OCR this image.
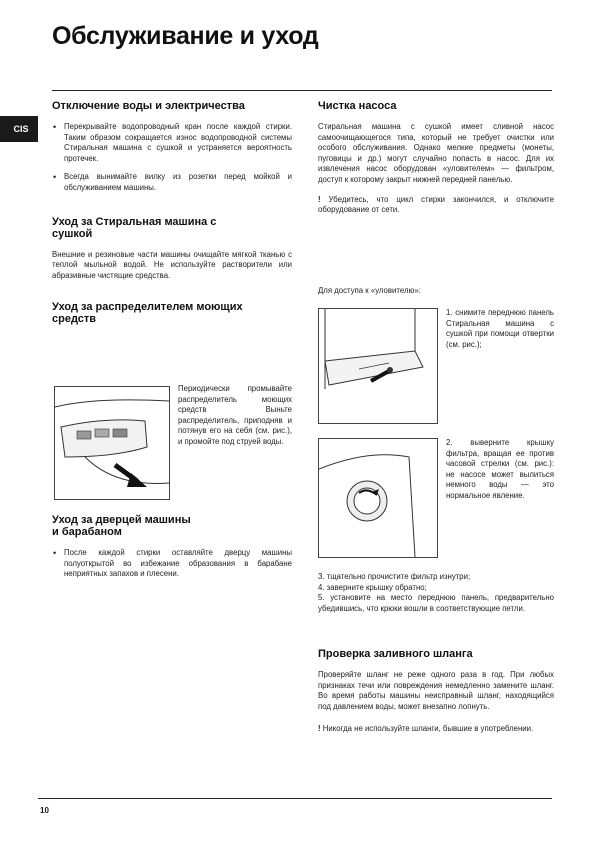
Обслуживание и уход
CIS
Отключение воды и электричества
• Перекрывайте водопроводный кран после каждой стирки. Таким образом сокращается износ водопроводной системы Стиральная машина с сушкой и устраняется вероятность протечек.
• Всегда вынимайте вилку из розетки перед мойкой и обслуживанием машины.
Уход за Стиральная машина с
сушкой

Внешние и резиновые части машины очищайте мягкой тканью с теплой мыльной водой. Не используйте растворители или абразивные чистящие средства.

Уход за распределителем моющих
средств
Периодически промывайте распределитель моющих средств Выньте распределитель, приподняв и потянув его на себя (см. рис.), и промойте под струей воды.
Уход за дверцей машины
и барабаном
• После каждой стирки оставляйте дверцу машины полуоткрытой во избежание образования в барабане неприятных запахов и плесени.
Чистка насоса

Стиральная машина с сушкой имеет сливной насос самоочищающегося типа, который не требует очистки или особого обслуживания. Однако мелкие предметы (монеты, пуговицы и др.) могут случайно попасть в насос. Для их извлечения насос оборудован «уловителем» — фильтром, доступ к которому закрыт нижней передней панелью.

! Убедитесь, что цикл стирки закончился, и отключите оборудование от сети.

Для доступа к «уловителю»:
1. снимите переднюю панель Стиральная машина с сушкой при помощи отвертки (см. рис.);
2. выверните крышку фильтра, вращая ее против часовой стрелки (см. рис.): не насосе может вылиться немного воды — это нормальное явление.
3. тщательно прочистите фильтр изнутри;
4. заверните крышку обратно;
5. установите на место переднюю панель, предварительно убедившись, что крюки вошли в соответствующие петли.
Проверка заливного шланга

Проверяйте шланг не реже одного раза в год. При любых признаках течи или повреждения немедленно замените шланг. Во время работы машины неисправный шланг, находящийся под давлением воды, может внезапно лопнуть.

! Никогда не используйте шланги, бывшие в употреблении.

10
